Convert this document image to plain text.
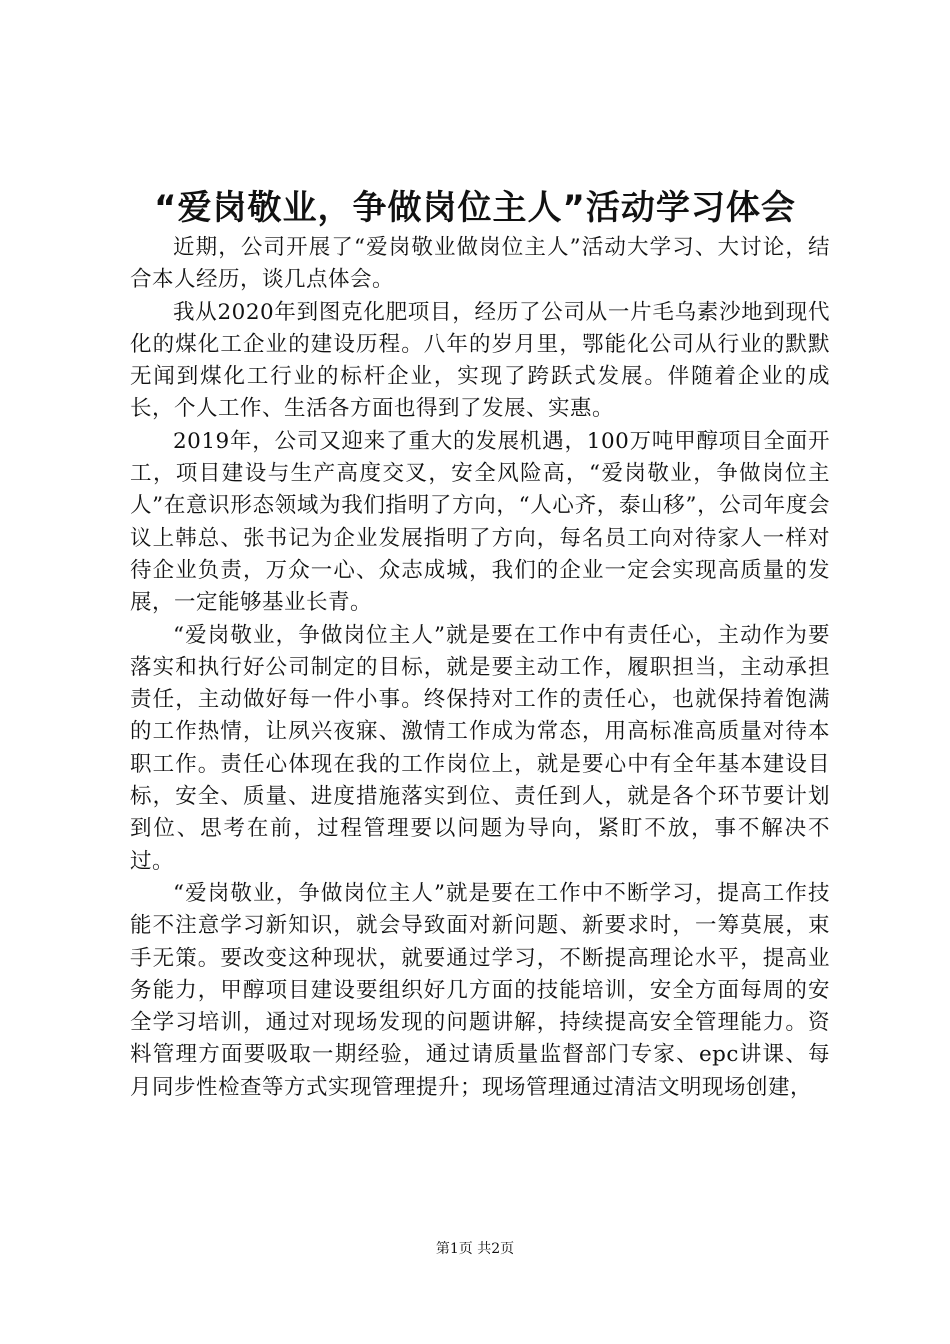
“爱岗敬业，争做岗位主人”活动学习体会

近期，公司开展了“爱岗敬业做岗位主人”活动大学习、大讨论，结合本人经历，谈几点体会。

我从2020年到图克化肥项目，经历了公司从一片毛乌素沙地到现代化的煤化工企业的建设历程。八年的岁月里，鄂能化公司从行业的默默无闻到煤化工行业的标杆企业，实现了跨跃式发展。伴随着企业的成长，个人工作、生活各方面也得到了发展、实惠。

2019年，公司又迎来了重大的发展机遇，100万吨甲醇项目全面开工，项目建设与生产高度交叉，安全风险高，“爱岗敬业，争做岗位主人”在意识形态领域为我们指明了方向，“人心齐，泰山移”，公司年度会议上韩总、张书记为企业发展指明了方向，每名员工向对待家人一样对待企业负责，万众一心、众志成城，我们的企业一定会实现高质量的发展，一定能够基业长青。

“爱岗敬业，争做岗位主人”就是要在工作中有责任心，主动作为要落实和执行好公司制定的目标，就是要主动工作，履职担当，主动承担责任，主动做好每一件小事。终保持对工作的责任心，也就保持着饱满的工作热情，让夙兴夜寐、激情工作成为常态，用高标准高质量对待本职工作。责任心体现在我的工作岗位上，就是要心中有全年基本建设目标，安全、质量、进度措施落实到位、责任到人，就是各个环节要计划到位、思考在前，过程管理要以问题为导向，紧盯不放，事不解决不过。

“爱岗敬业，争做岗位主人”就是要在工作中不断学习，提高工作技能不注意学习新知识，就会导致面对新问题、新要求时，一筹莫展，束手无策。要改变这种现状，就要通过学习，不断提高理论水平，提高业务能力，甲醇项目建设要组织好几方面的技能培训，安全方面每周的安全学习培训，通过对现场发现的问题讲解，持续提高安全管理能力。资料管理方面要吸取一期经验，通过请质量监督部门专家、epc讲课、每月同步性检查等方式实现管理提升；现场管理通过清洁文明现场创建，

第1页 共2页
